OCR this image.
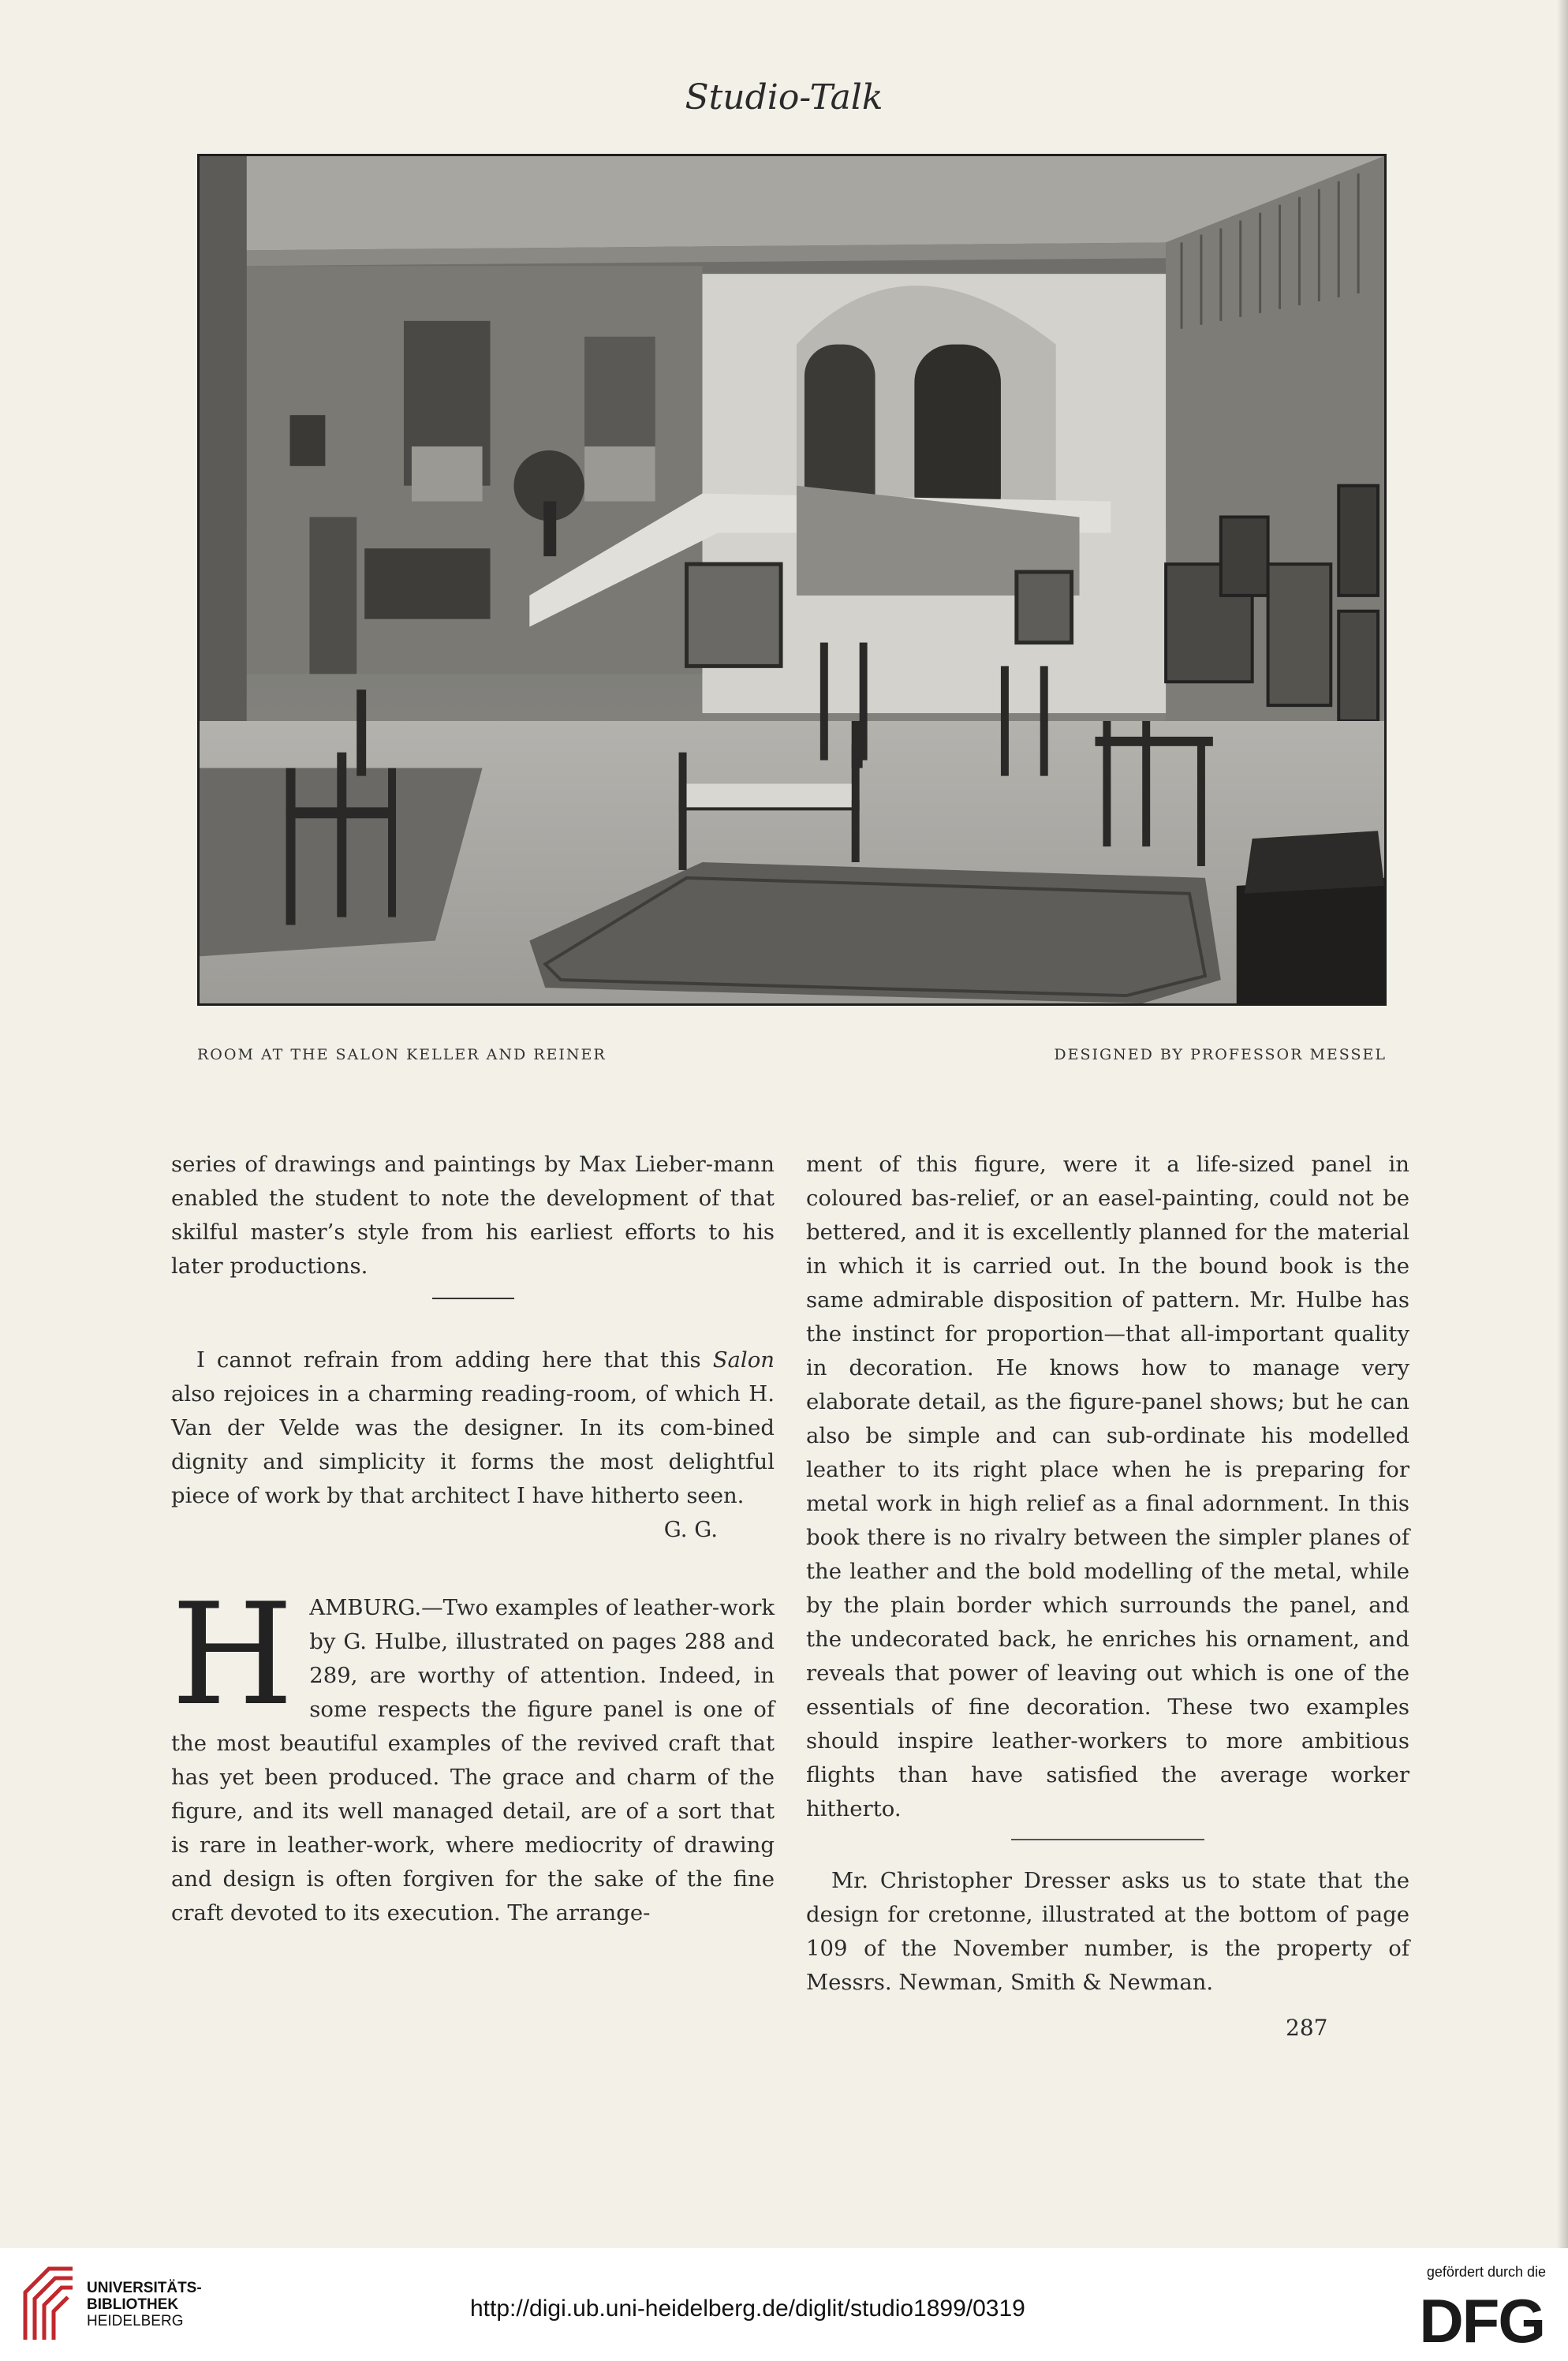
Studio-Talk
ROOM AT THE SALON KELLER AND REINER	DESIGNED BY PROFESSOR MESSEL

series of drawings and paintings by Max Lieber-mann enabled the student to note the development of that skilful master’s style from his earliest efforts to his later productions.

I cannot refrain from adding here that this Salon also rejoices in a charming reading-room, of which H. Van der Velde was the designer. In its com-bined dignity and simplicity it forms the most delightful piece of work by that architect I have hitherto seen.

G. G.

HAMBURG.—Two examples of leather-work by G. Hulbe, illustrated on pages 288 and 289, are worthy of attention. Indeed, in some respects the figure panel is one of the most beautiful examples of the revived craft that has yet been produced. The grace and charm of the figure, and its well managed detail, are of a sort that is rare in leather-work, where mediocrity of drawing and design is often forgiven for the sake of the fine craft devoted to its execution. The arrange-

ment of this figure, were it a life-sized panel in coloured bas-relief, or an easel-painting, could not be bettered, and it is excellently planned for the material in which it is carried out. In the bound book is the same admirable disposition of pattern. Mr. Hulbe has the instinct for proportion—that all-important quality in decoration. He knows how to manage very elaborate detail, as the figure-panel shows; but he can also be simple and can sub-ordinate his modelled leather to its right place when he is preparing for metal work in high relief as a final adornment. In this book there is no rivalry between the simpler planes of the leather and the bold modelling of the metal, while by the plain border which surrounds the panel, and the undecorated back, he enriches his ornament, and reveals that power of leaving out which is one of the essentials of fine decoration. These two examples should inspire leather-workers to more ambitious flights than have satisfied the average worker hitherto.

Mr. Christopher Dresser asks us to state that the design for cretonne, illustrated at the bottom of page 109 of the November number, is the property of Messrs. Newman, Smith & Newman.

287
UNIVERSITÄTS-
BIBLIOTHEK
HEIDELBERG	http://digi.ub.uni-heidelberg.de/diglit/studio1899/0319
gefördert durch die
DFG
